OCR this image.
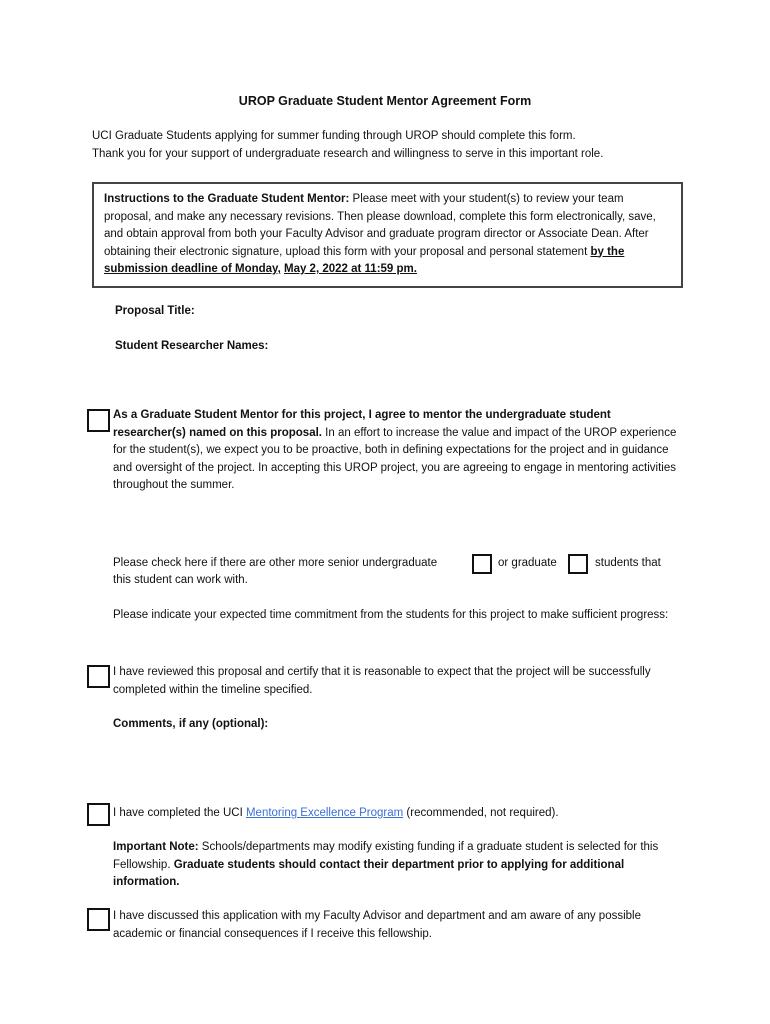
UROP Graduate Student Mentor Agreement Form
UCI Graduate Students applying for summer funding through UROP should complete this form.
Thank you for your support of undergraduate research and willingness to serve in this important role.
Instructions to the Graduate Student Mentor: Please meet with your student(s) to review your team proposal, and make any necessary revisions. Then please download, complete this form electronically, save, and obtain approval from both your Faculty Advisor and graduate program director or Associate Dean. After obtaining their electronic signature, upload this form with your proposal and personal statement by the submission deadline of Monday, May 2, 2022 at 11:59 pm.
Proposal Title:
Student Researcher Names:
As a Graduate Student Mentor for this project, I agree to mentor the undergraduate student researcher(s) named on this proposal. In an effort to increase the value and impact of the UROP experience for the student(s), we expect you to be proactive, both in defining expectations for the project and in guidance and oversight of the project. In accepting this UROP project, you are agreeing to engage in mentoring activities throughout the summer.
Please check here if there are other more senior undergraduate	or graduate	students that
this student can work with.
Please indicate your expected time commitment from the students for this project to make sufficient progress:
I have reviewed this proposal and certify that it is reasonable to expect that the project will be successfully completed within the timeline specified.
Comments, if any (optional):
I have completed the UCI Mentoring Excellence Program (recommended, not required).
Important Note: Schools/departments may modify existing funding if a graduate student is selected for this Fellowship. Graduate students should contact their department prior to applying for additional information.
I have discussed this application with my Faculty Advisor and department and am aware of any possible academic or financial consequences if I receive this fellowship.
